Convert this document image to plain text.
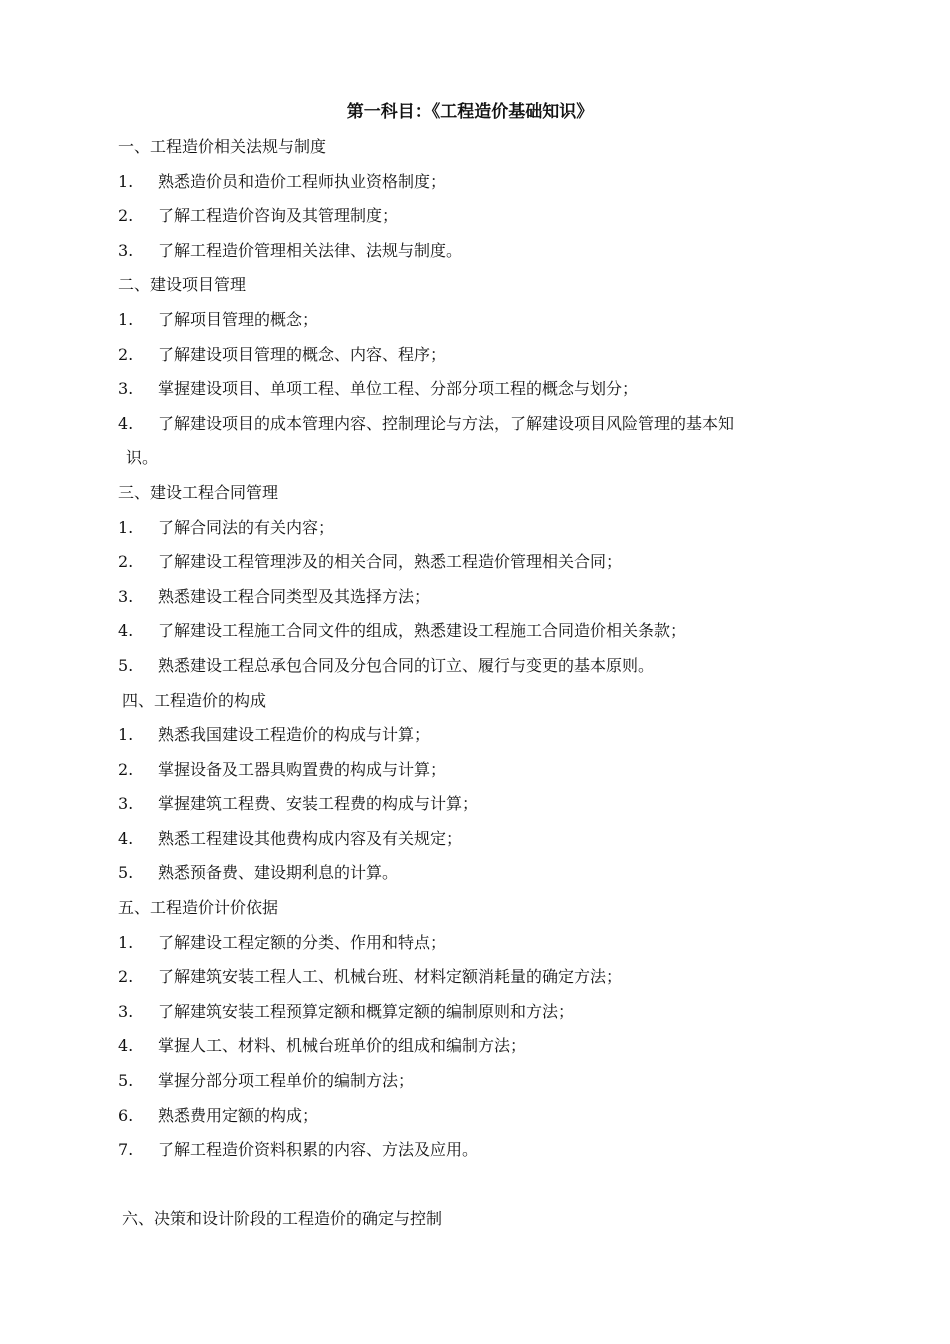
第一科目：《工程造价基础知识》
一、工程造价相关法规与制度
1. 熟悉造价员和造价工程师执业资格制度；
2. 了解工程造价咨询及其管理制度；
3. 了解工程造价管理相关法律、法规与制度。
二、建设项目管理
1. 了解项目管理的概念；
2. 了解建设项目管理的概念、内容、程序；
3. 掌握建设项目、单项工程、单位工程、分部分项工程的概念与划分；
4. 了解建设项目的成本管理内容、控制理论与方法，了解建设项目风险管理的基本知
识。
三、建设工程合同管理
1. 了解合同法的有关内容；
2. 了解建设工程管理涉及的相关合同，熟悉工程造价管理相关合同；
3. 熟悉建设工程合同类型及其选择方法；
4. 了解建设工程施工合同文件的组成，熟悉建设工程施工合同造价相关条款；
5. 熟悉建设工程总承包合同及分包合同的订立、履行与变更的基本原则。
四、工程造价的构成
1. 熟悉我国建设工程造价的构成与计算；
2. 掌握设备及工器具购置费的构成与计算；
3. 掌握建筑工程费、安装工程费的构成与计算；
4. 熟悉工程建设其他费构成内容及有关规定；
5. 熟悉预备费、建设期利息的计算。
五、工程造价计价依据
1. 了解建设工程定额的分类、作用和特点；
2. 了解建筑安装工程人工、机械台班、材料定额消耗量的确定方法；
3. 了解建筑安装工程预算定额和概算定额的编制原则和方法；
4. 掌握人工、材料、机械台班单价的组成和编制方法；
5. 掌握分部分项工程单价的编制方法；
6. 熟悉费用定额的构成；
7. 了解工程造价资料积累的内容、方法及应用。
六、决策和设计阶段的工程造价的确定与控制
